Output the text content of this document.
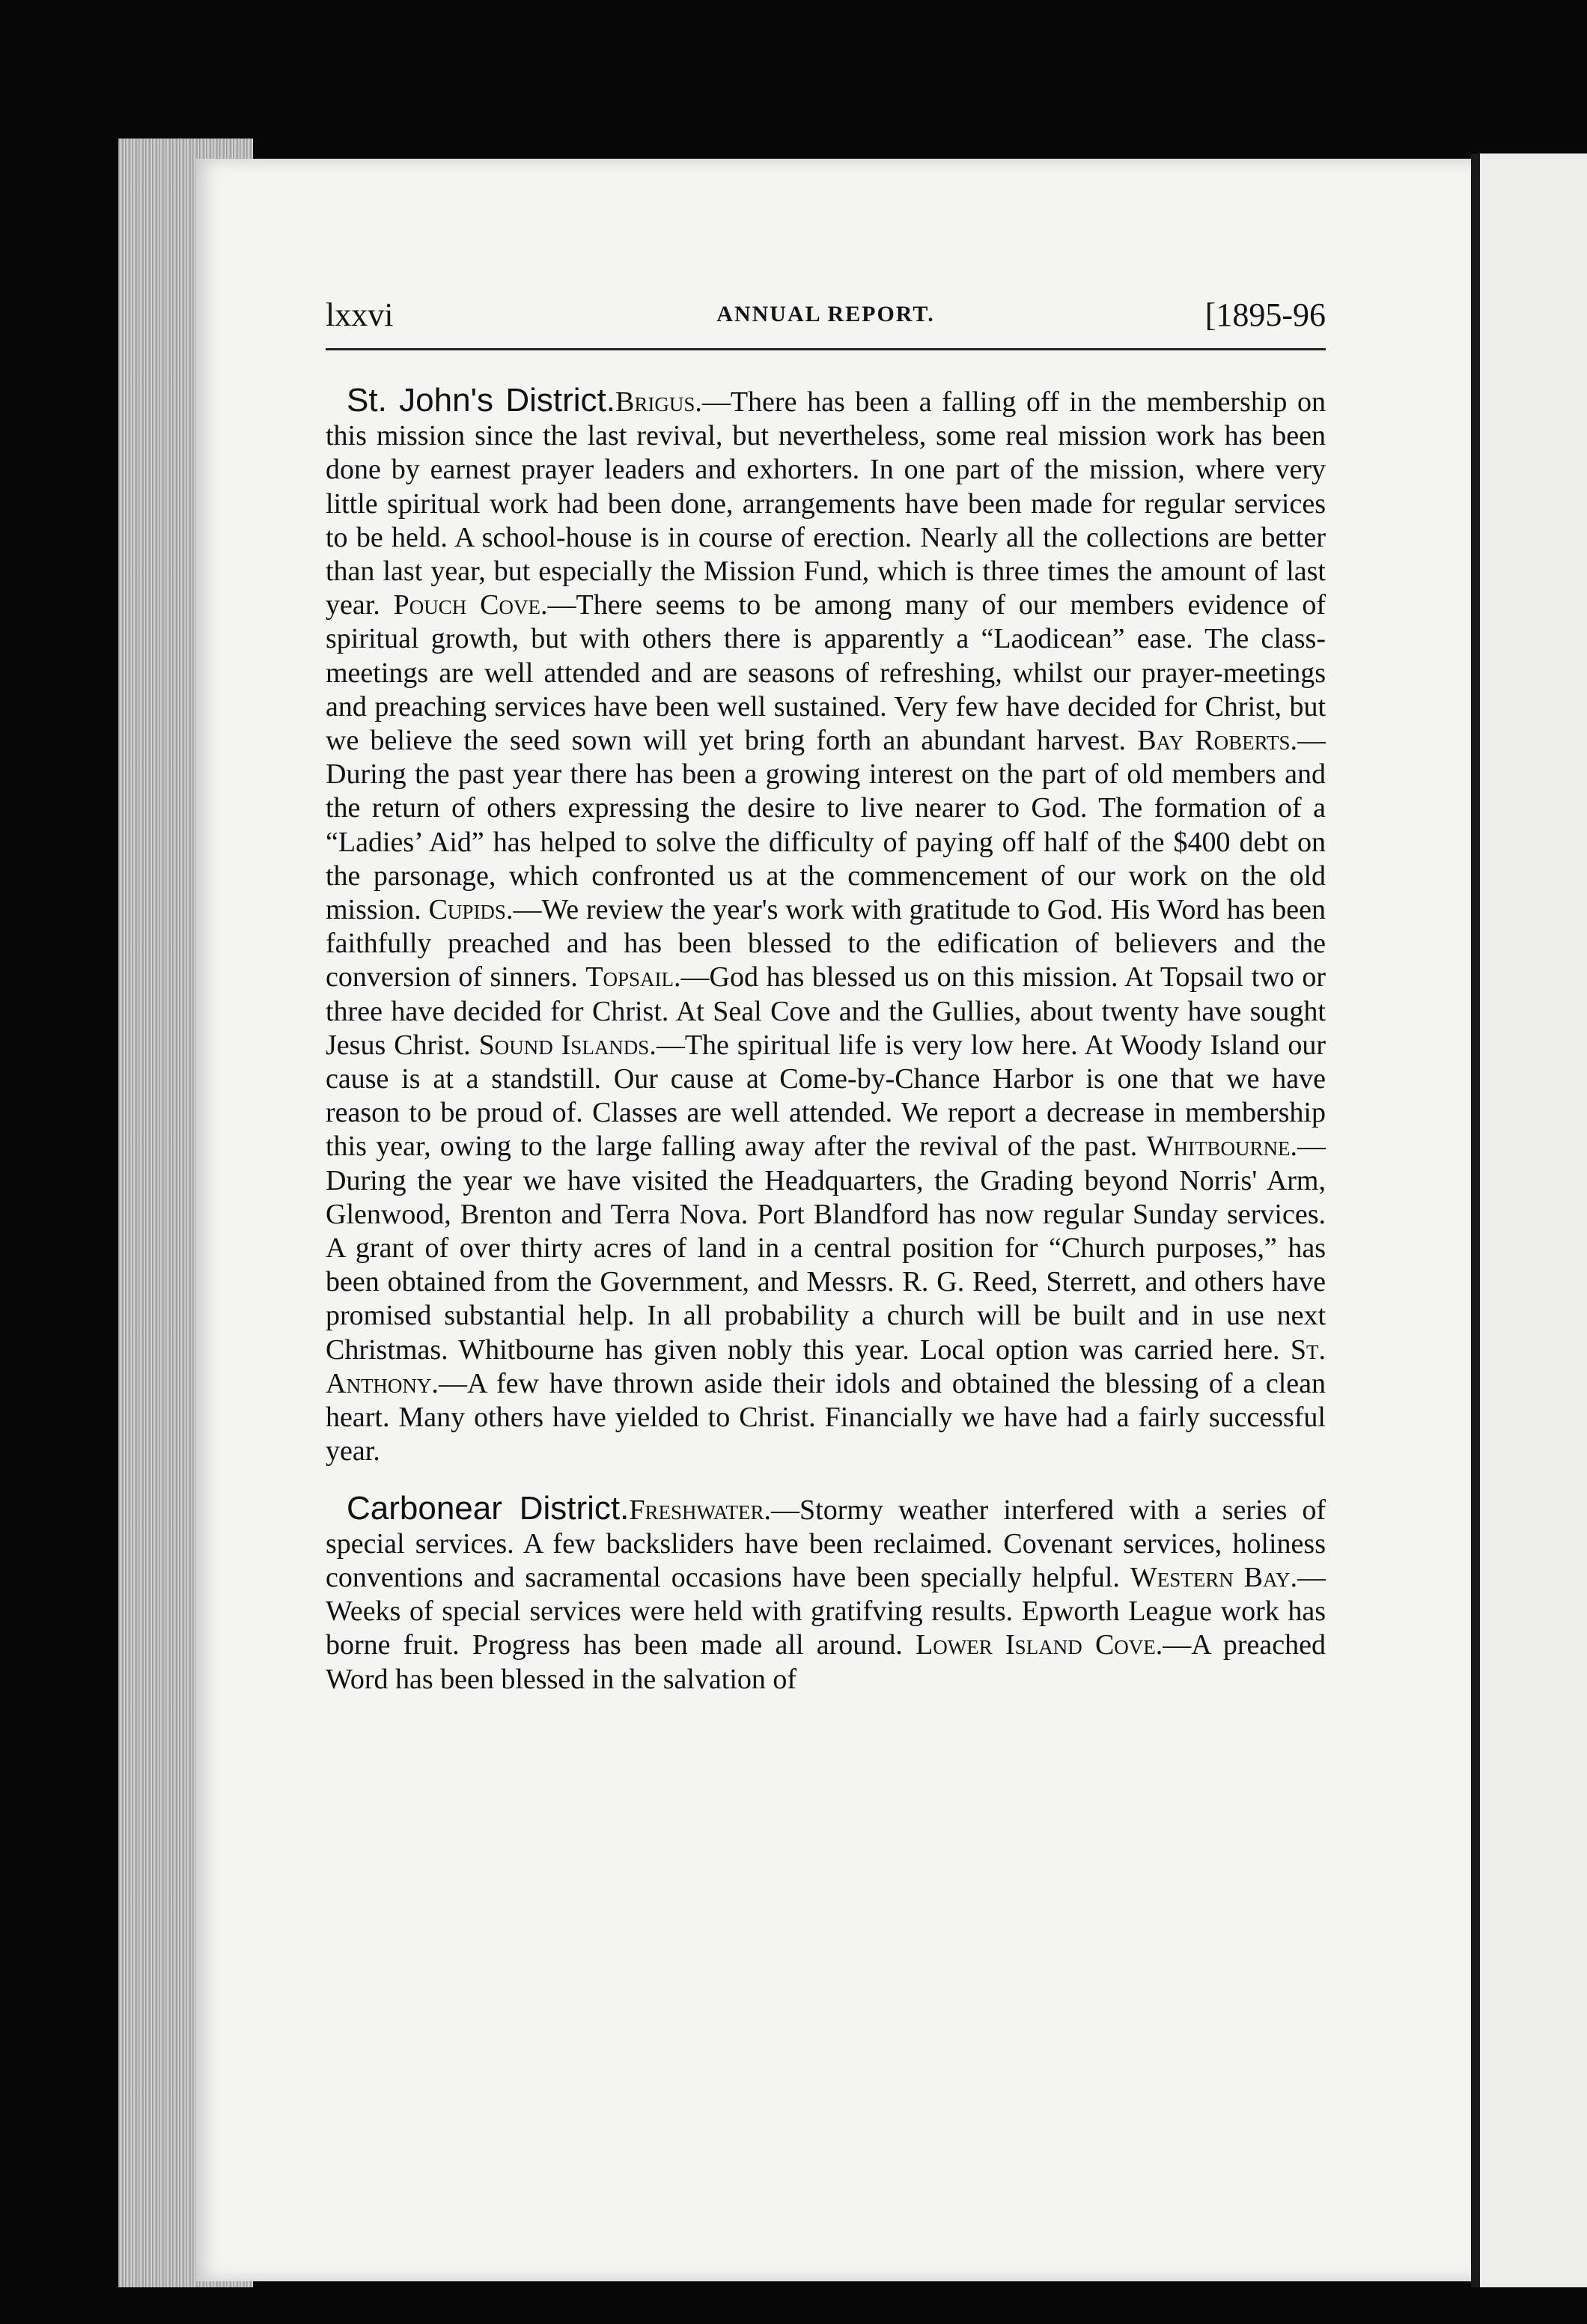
lxxvi	ANNUAL REPORT.	[1895-96

St. John's District.Brigus.—There has been a falling off in the membership on this mission since the last revival, but nevertheless, some real mission work has been done by earnest prayer leaders and exhorters. In one part of the mission, where very little spiritual work had been done, arrangements have been made for regular services to be held. A school-house is in course of erection. Nearly all the collections are better than last year, but especially the Mission Fund, which is three times the amount of last year. Pouch Cove.—There seems to be among many of our members evidence of spiritual growth, but with others there is apparently a “Laodicean” ease. The class-meetings are well attended and are seasons of refreshing, whilst our prayer-meetings and preaching services have been well sustained. Very few have decided for Christ, but we believe the seed sown will yet bring forth an abundant harvest. Bay Roberts.—During the past year there has been a growing interest on the part of old members and the return of others expressing the desire to live nearer to God. The formation of a “Ladies’ Aid” has helped to solve the difficulty of paying off half of the $400 debt on the parsonage, which confronted us at the commencement of our work on the old mission. Cupids.—We review the year's work with gratitude to God. His Word has been faithfully preached and has been blessed to the edification of believers and the conversion of sinners. Topsail.—God has blessed us on this mission. At Topsail two or three have decided for Christ. At Seal Cove and the Gullies, about twenty have sought Jesus Christ. Sound Islands.—The spiritual life is very low here. At Woody Island our cause is at a standstill. Our cause at Come-by-Chance Harbor is one that we have reason to be proud of. Classes are well attended. We report a decrease in membership this year, owing to the large falling away after the revival of the past. Whitbourne.—During the year we have visited the Headquarters, the Grading beyond Norris' Arm, Glenwood, Brenton and Terra Nova. Port Blandford has now regular Sunday services. A grant of over thirty acres of land in a central position for “Church purposes,” has been obtained from the Government, and Messrs. R. G. Reed, Sterrett, and others have promised substantial help. In all probability a church will be built and in use next Christmas. Whitbourne has given nobly this year. Local option was carried here. St. Anthony.—A few have thrown aside their idols and obtained the blessing of a clean heart. Many others have yielded to Christ. Financially we have had a fairly successful year.

Carbonear District.Freshwater.—Stormy weather interfered with a series of special services. A few backsliders have been reclaimed. Covenant services, holiness conventions and sacramental occasions have been specially helpful. Western Bay.—Weeks of special services were held with gratifving results. Epworth League work has borne fruit. Progress has been made all around. Lower Island Cove.—A preached Word has been blessed in the salvation of
